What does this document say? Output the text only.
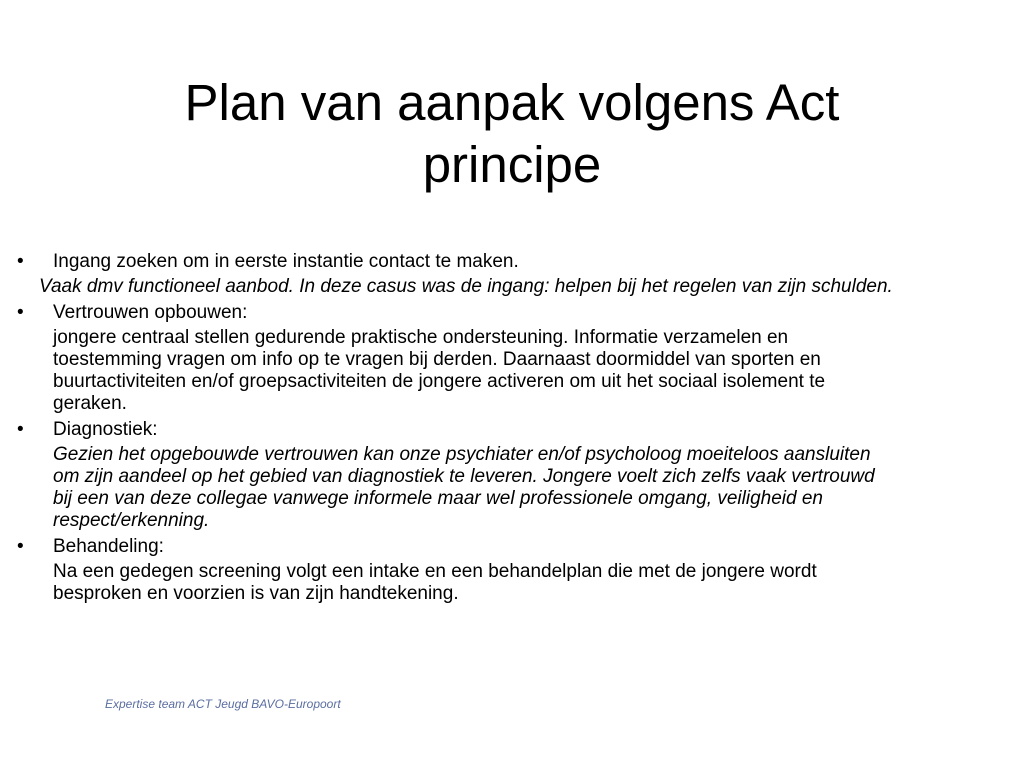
Plan van aanpak volgens Act
principe
•	Ingang zoeken om in eerste instantie contact te maken.
Vaak dmv functioneel aanbod. In deze casus was de ingang: helpen bij het regelen van zijn schulden.
•	Vertrouwen opbouwen:
jongere centraal stellen gedurende praktische ondersteuning. Informatie verzamelen en toestemming vragen om info op te vragen bij derden. Daarnaast doormiddel van sporten en buurtactiviteiten en/of groepsactiviteiten de jongere activeren om uit het sociaal isolement te geraken.
•	Diagnostiek:
Gezien het opgebouwde vertrouwen kan onze psychiater en/of psycholoog moeiteloos aansluiten om zijn aandeel op het gebied van diagnostiek te leveren. Jongere voelt zich zelfs vaak vertrouwd bij een van deze collegae vanwege informele maar wel professionele omgang, veiligheid en respect/erkenning.
•	Behandeling:
Na een gedegen screening volgt een intake en een behandelplan die met de jongere wordt besproken en voorzien is van zijn handtekening.
Expertise team ACT Jeugd BAVO-Europoort
